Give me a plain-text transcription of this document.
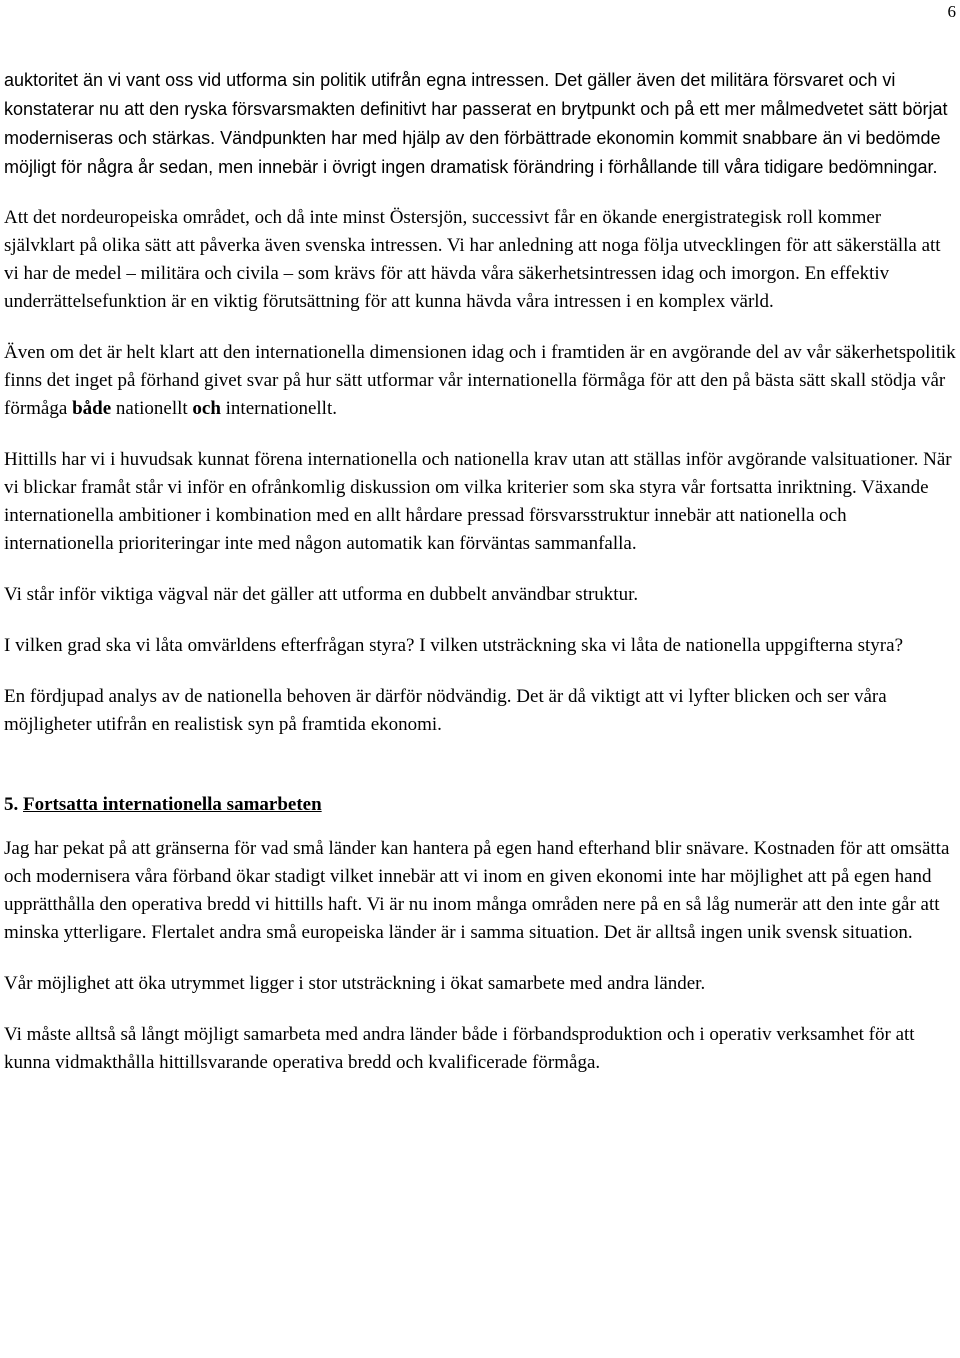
6

auktoritet än vi vant oss vid utforma sin politik utifrån egna intressen. Det gäller även det militära försvaret och vi konstaterar nu att den ryska försvarsmakten definitivt har passerat en brytpunkt och på ett mer målmedvetet sätt börjat moderniseras och stärkas. Vändpunkten har med hjälp av den förbättrade ekonomin kommit snabbare än vi bedömde möjligt för några år sedan, men innebär i övrigt ingen dramatisk förändring i förhållande till våra tidigare bedömningar.

Att det nordeuropeiska området, och då inte minst Östersjön, successivt får en ökande energistrategisk roll kommer självklart på olika sätt att påverka även svenska intressen. Vi har anledning att noga följa utvecklingen för att säkerställa att vi har de medel – militära och civila – som krävs för att hävda våra säkerhetsintressen idag och imorgon. En effektiv underrättelsefunktion är en viktig förutsättning för att kunna hävda våra intressen i en komplex värld.

Även om det är helt klart att den internationella dimensionen idag och i framtiden är en avgörande del av vår säkerhetspolitik finns det inget på förhand givet svar på hur sätt utformar vår internationella förmåga för att den på bästa sätt skall stödja vår förmåga både nationellt och internationellt.

Hittills har vi i huvudsak kunnat förena internationella och nationella krav utan att ställas inför avgörande valsituationer. När vi blickar framåt står vi inför en ofrånkomlig diskussion om vilka kriterier som ska styra vår fortsatta inriktning. Växande internationella ambitioner i kombination med en allt hårdare pressad försvarsstruktur innebär att nationella och internationella prioriteringar inte med någon automatik kan förväntas sammanfalla.

Vi står inför viktiga vägval när det gäller att utforma en dubbelt användbar struktur.

I vilken grad ska vi låta omvärldens efterfrågan styra? I vilken utsträckning ska vi låta de nationella uppgifterna styra?

En fördjupad analys av de nationella behoven är därför nödvändig. Det är då viktigt att vi lyfter blicken och ser våra möjligheter utifrån en realistisk syn på framtida ekonomi.

5. Fortsatta internationella samarbeten

Jag har pekat på att gränserna för vad små länder kan hantera på egen hand efterhand blir snävare. Kostnaden för att omsätta och modernisera våra förband ökar stadigt vilket innebär att vi inom en given ekonomi inte har möjlighet att på egen hand upprätthålla den operativa bredd vi hittills haft. Vi är nu inom många områden nere på en så låg numerär att den inte går att minska ytterligare. Flertalet andra små europeiska länder är i samma situation. Det är alltså ingen unik svensk situation.

Vår möjlighet att öka utrymmet ligger i stor utsträckning i ökat samarbete med andra länder.

Vi måste alltså så långt möjligt samarbeta med andra länder både i förbandsproduktion och i operativ verksamhet för att kunna vidmakthålla hittillsvarande operativa bredd och kvalificerade förmåga.
